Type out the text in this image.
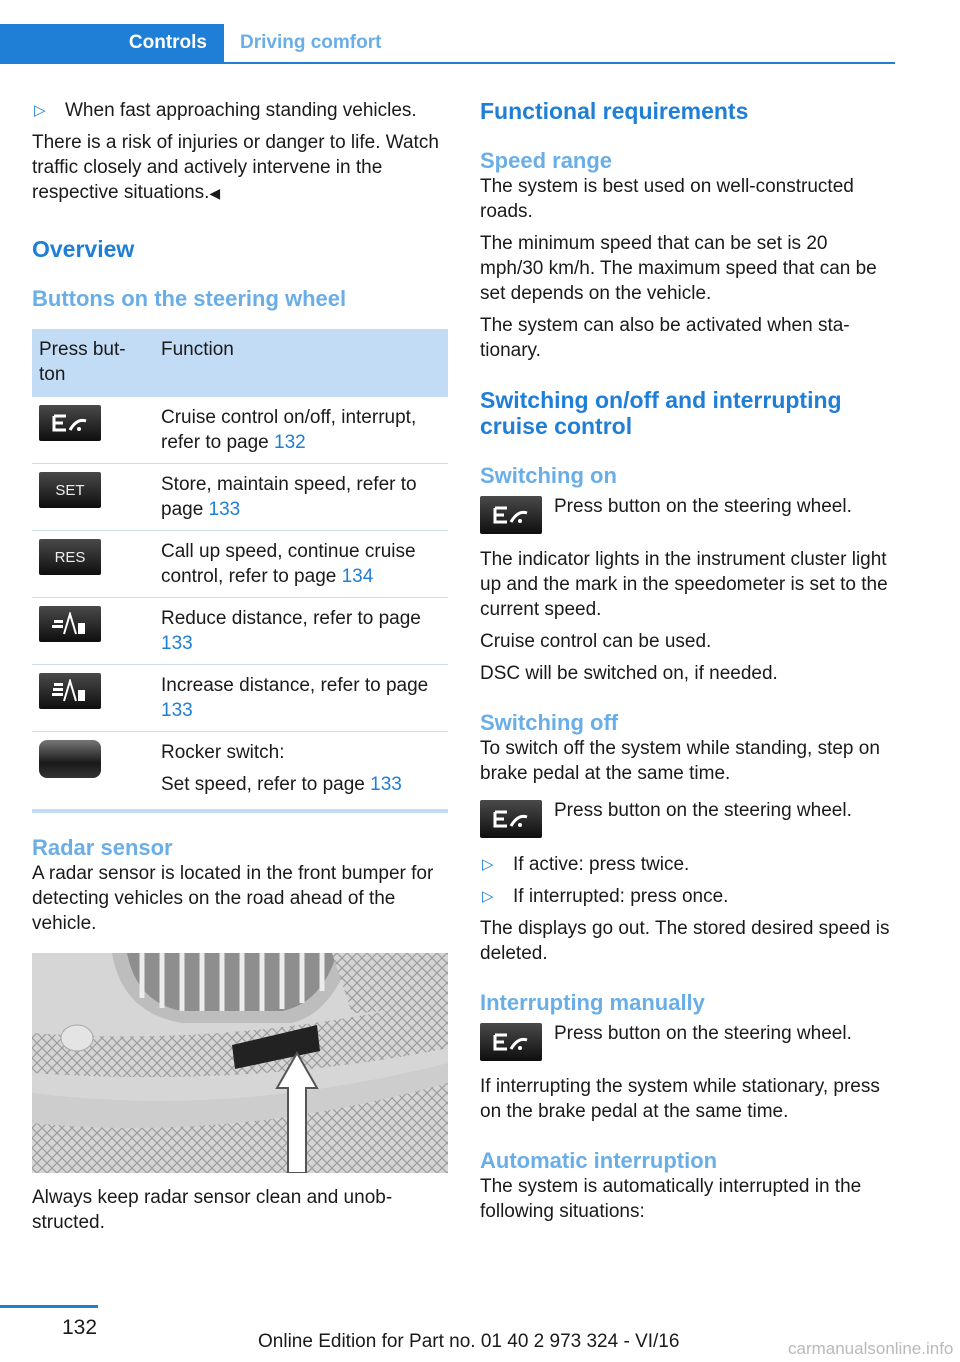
Controls	Driving comfort
▷	When fast approaching standing vehicles.

There is a risk of injuries or danger to life. Watch traffic closely and actively intervene in the respective situations.◀

Overview
Buttons on the steering wheel
Press but-ton	Function

	Cruise control on/off, interrupt, refer to page 132

SET	Store, maintain speed, refer to page 133

RES	Call up speed, continue cruise control, refer to page 134

	Reduce distance, refer to page 133

	Increase distance, refer to page 133

	Rocker switch:
Set speed, refer to page 133
Radar sensor

A radar sensor is located in the front bumper for detecting vehicles on the road ahead of the vehicle.

Always keep radar sensor clean and unob-structed.

Functional requirements
Speed range

The system is best used on well-constructed roads.

The minimum speed that can be set is 20 mph/30 km/h. The maximum speed that can be set depends on the vehicle.

The system can also be activated when sta-tionary.

Switching on/off and interrupting cruise control
Switching on

Press button on the steering wheel.

The indicator lights in the instrument cluster light up and the mark in the speedometer is set to the current speed.

Cruise control can be used.

DSC will be switched on, if needed.

Switching off

To switch off the system while standing, step on brake pedal at the same time.

Press button on the steering wheel.

▷	If active: press twice.
▷	If interrupted: press once.

The displays go out. The stored desired speed is deleted.

Interrupting manually

Press button on the steering wheel.

If interrupting the system while stationary, press on the brake pedal at the same time.

Automatic interruption

The system is automatically interrupted in the following situations:

132
Online Edition for Part no. 01 40 2 973 324 - VI/16	carmanualsonline.info
